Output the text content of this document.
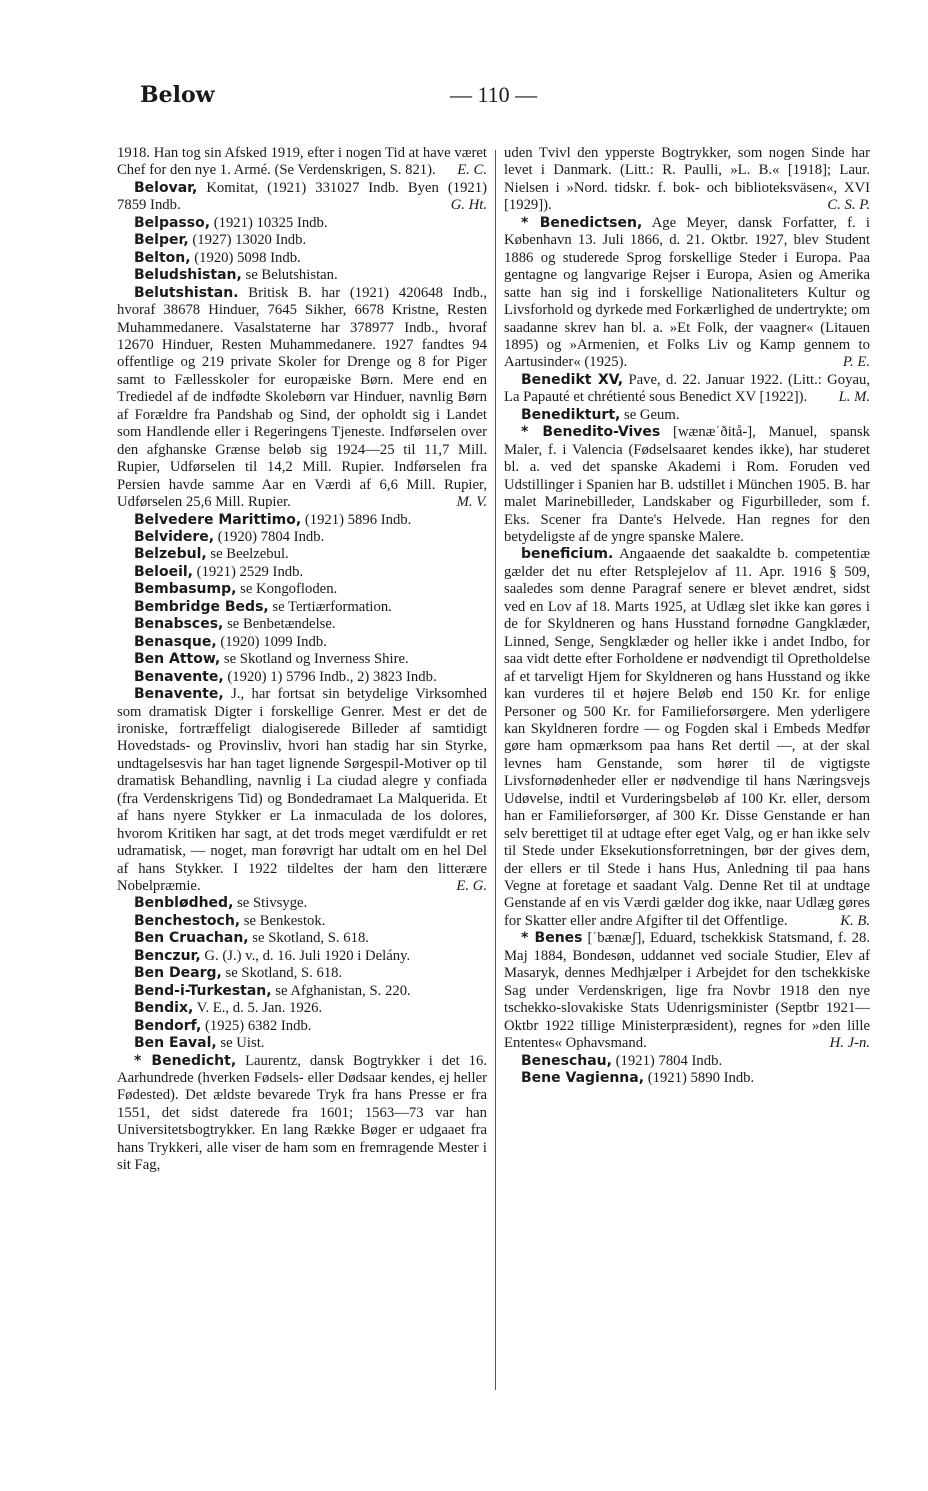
Below	— 110 —

1918. Han tog sin Afsked 1919, efter i nogen Tid at have været Chef for den nye 1. Armé. (Se Verdenskrigen, S. 821). E. C.

Belovar, Komitat, (1921) 331027 Indb. Byen (1921) 7859 Indb.	G. Ht.

Belpasso, (1921) 10325 Indb.

Belper, (1927) 13020 Indb.

Belton, (1920) 5098 Indb.

Beludshistan, se Belutshistan.

Belutshistan. Britisk B. har (1921) 420648 Indb., hvoraf 38678 Hinduer, 7645 Sikher, 6678 Kristne, Resten Muhammedanere. Vasalstaterne har 378977 Indb., hvoraf 12670 Hinduer, Resten Muhammedanere. 1927 fandtes 94 offentlige og 219 private Skoler for Drenge og 8 for Piger samt to Fællesskoler for europæiske Børn. Mere end en Trediedel af de indfødte Skolebørn var Hinduer, navnlig Børn af Forældre fra Pandshab og Sind, der opholdt sig i Landet som Handlende eller i Regeringens Tjeneste. Indførselen over den afghanske Grænse beløb sig 1924—25 til 11,7 Mill. Rupier, Udførselen til 14,2 Mill. Rupier. Indførselen fra Persien havde samme Aar en Værdi af 6,6 Mill. Rupier, Udførselen 25,6 Mill. Rupier.	M. V.

Belvedere Marittimo, (1921) 5896 Indb.

Belvidere, (1920) 7804 Indb.

Belzebul, se Beelzebul.

Beloeil, (1921) 2529 Indb.

Bembasump, se Kongofloden.

Bembridge Beds, se Tertiærformation.

Benabsces, se Benbetændelse.

Benasque, (1920) 1099 Indb.

Ben Attow, se Skotland og Inverness Shire.

Benavente, (1920) 1) 5796 Indb., 2) 3823 Indb.

Benavente, J., har fortsat sin betydelige Virksomhed som dramatisk Digter i forskellige Genrer. Mest er det de ironiske, fortræffeligt dialogiserede Billeder af samtidigt Hovedstads- og Provinsliv, hvori han stadig har sin Styrke, undtagelsesvis har han taget lignende Sørgespil-Motiver op til dramatisk Behandling, navnlig i La ciudad alegre y confiada (fra Verdenskrigens Tid) og Bondedramaet La Malquerida. Et af hans nyere Stykker er La inmaculada de los dolores, hvorom Kritiken har sagt, at det trods meget værdifuldt er ret udramatisk, — noget, man forøvrigt har udtalt om en hel Del af hans Stykker. I 1922 tildeltes der ham den litterære Nobelpræmie.	E. G.

Benblødhed, se Stivsyge.

Benchestoch, se Benkestok.

Ben Cruachan, se Skotland, S. 618.

Benczur, G. (J.) v., d. 16. Juli 1920 i Delány.

Ben Dearg, se Skotland, S. 618.

Bend-i-Turkestan, se Afghanistan, S. 220.

Bendix, V. E., d. 5. Jan. 1926.

Bendorf, (1925) 6382 Indb.

Ben Eaval, se Uist.

* Benedicht, Laurentz, dansk Bogtrykker i det 16. Aarhundrede (hverken Fødsels- eller Dødsaar kendes, ej heller Fødested). Det ældste bevarede Tryk fra hans Presse er fra 1551, det sidst daterede fra 1601; 1563—73 var han Universitetsbogtrykker. En lang Række Bøger er udgaaet fra hans Trykkeri, alle viser de ham som en fremragende Mester i sit Fag,

uden Tvivl den ypperste Bogtrykker, som nogen Sinde har levet i Danmark. (Litt.: R. Paulli, »L. B.« [1918]; Laur. Nielsen i »Nord. tidskr. f. bok- och biblioteksväsen«, XVI [1929]).	C. S. P.

* Benedictsen, Age Meyer, dansk Forfatter, f. i København 13. Juli 1866, d. 21. Oktbr. 1927, blev Student 1886 og studerede Sprog forskellige Steder i Europa. Paa gentagne og langvarige Rejser i Europa, Asien og Amerika satte han sig ind i forskellige Nationaliteters Kultur og Livsforhold og dyrkede med Forkærlighed de undertrykte; om saadanne skrev han bl. a. »Et Folk, der vaagner« (Litauen 1895) og »Armenien, et Folks Liv og Kamp gennem to Aartusinder« (1925).	P. E.

Benedikt XV, Pave, d. 22. Januar 1922. (Litt.: Goyau, La Papauté et chrétienté sous Benedict XV [1922]).	L. M.

Benedikturt, se Geum.

* Benedito-Vives [wænæˈðitå-], Manuel, spansk Maler, f. i Valencia (Fødselsaaret kendes ikke), har studeret bl. a. ved det spanske Akademi i Rom. Foruden ved Udstillinger i Spanien har B. udstillet i München 1905. B. har malet Marinebilleder, Landskaber og Figurbilleder, som f. Eks. Scener fra Dante's Helvede. Han regnes for den betydeligste af de yngre spanske Malere.

beneficium. Angaaende det saakaldte b. competentiæ gælder det nu efter Retsplejelov af 11. Apr. 1916 § 509, saaledes som denne Paragraf senere er blevet ændret, sidst ved en Lov af 18. Marts 1925, at Udlæg slet ikke kan gøres i de for Skyldneren og hans Husstand fornødne Gangklæder, Linned, Senge, Sengklæder og heller ikke i andet Indbo, for saa vidt dette efter Forholdene er nødvendigt til Opretholdelse af et tarveligt Hjem for Skyldneren og hans Husstand og ikke kan vurderes til et højere Beløb end 150 Kr. for enlige Personer og 500 Kr. for Familieforsørgere. Men yderligere kan Skyldneren fordre — og Fogden skal i Embeds Medfør gøre ham opmærksom paa hans Ret dertil —, at der skal levnes ham Genstande, som hører til de vigtigste Livsfornødenheder eller er nødvendige til hans Næringsvejs Udøvelse, indtil et Vurderingsbeløb af 100 Kr. eller, dersom han er Familieforsørger, af 300 Kr. Disse Genstande er han selv berettiget til at udtage efter eget Valg, og er han ikke selv til Stede under Eksekutionsforretningen, bør der gives dem, der ellers er til Stede i hans Hus, Anledning til paa hans Vegne at foretage et saadant Valg. Denne Ret til at undtage Genstande af en vis Værdi gælder dog ikke, naar Udlæg gøres for Skatter eller andre Afgifter til det Offentlige.	K. B.

* Benes [ˈbænæʃ], Eduard, tschekkisk Statsmand, f. 28. Maj 1884, Bondesøn, uddannet ved sociale Studier, Elev af Masaryk, dennes Medhjælper i Arbejdet for den tschekkiske Sag under Verdenskrigen, lige fra Novbr 1918 den nye tschekko-slovakiske Stats Udenrigsminister (Septbr 1921—Oktbr 1922 tillige Ministerpræsident), regnes for »den lille Ententes« Ophavsmand.	H. J-n.

Beneschau, (1921) 7804 Indb.

Bene Vagienna, (1921) 5890 Indb.
